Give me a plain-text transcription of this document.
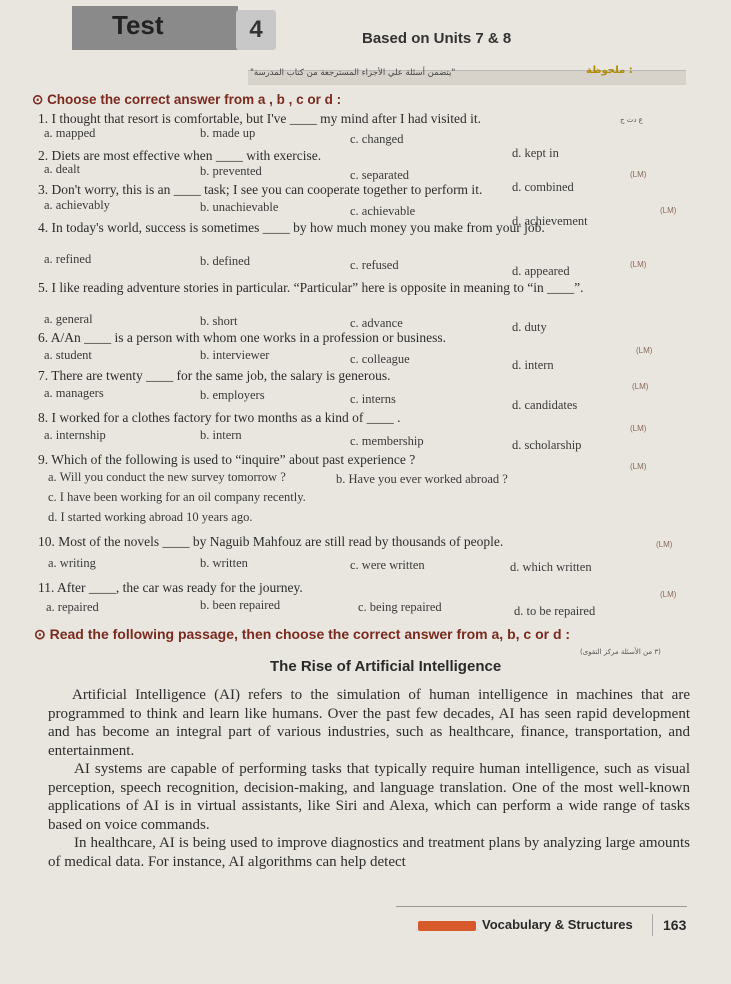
Test	4	Based on Units 7 & 8
"يتضمن أسئلة علي الأجزاء المسترجعة من كتاب المدرسة"	ملحوظة :
⊙ Choose the correct answer from a , b , c or d :
1. I thought that resort is comfortable, but I've ____ my mind after I had visited it.	ع دت ج
a. mapped	b. made up	c. changed
d. kept in
2. Diets are most effective when ____ with exercise.
a. dealt	b. prevented	c. separated
d. combined
(LM)
3. Don't worry, this is an ____ task; I see you can cooperate together to perform it.
(LM)
a. achievably	b. unachievable	c. achievable
d. achievement
4. In today's world, success is sometimes ____ by how much money you make from your job.
a. refined	b. defined	c. refused	d. appeared	(LM)
5. I like reading adventure stories in particular. “Particular” here is opposite in meaning to “in ____”.
a. general	b. short	c. advance	d. duty
6. A/An ____ is a person with whom one works in a profession or business.
(LM)
a. student	b. interviewer	c. colleague	d. intern
7. There are twenty ____ for the same job, the salary is generous.
(LM)
a. managers	b. employers	c. interns	d. candidates
8. I worked for a clothes factory for two months as a kind of ____ .
(LM)
a. internship	b. intern	c. membership	d. scholarship
9. Which of the following is used to “inquire” about past experience ?	(LM)
a. Will you conduct the new survey tomorrow ?	b. Have you ever worked abroad ?
c. I have been working for an oil company recently.
d. I started working abroad 10 years ago.
10. Most of the novels ____ by Naguib Mahfouz are still read by thousands of people.	(LM)
a. writing	b. written	c. were written	d. which written
11. After ____, the car was ready for the journey.	(LM)
a. repaired	b. been repaired	c. being repaired	d. to be repaired
⊙ Read the following passage, then choose the correct answer from a, b, c or d :
(٣ من الأسئلة مركز التقوى)
The Rise of Artificial Intelligence
Artificial Intelligence (AI) refers to the simulation of human intelligence in machines that are programmed to think and learn like humans. Over the past few decades, AI has seen rapid development and has become an integral part of various industries, such as healthcare, finance, transportation, and entertainment.
AI systems are capable of performing tasks that typically require human intelligence, such as visual perception, speech recognition, decision-making, and language translation. One of the most well-known applications of AI is in virtual assistants, like Siri and Alexa, which can perform a wide range of tasks based on voice commands.
In healthcare, AI is being used to improve diagnostics and treatment plans by analyzing large amounts of medical data. For instance, AI algorithms can help detect
Vocabulary & Structures 163
